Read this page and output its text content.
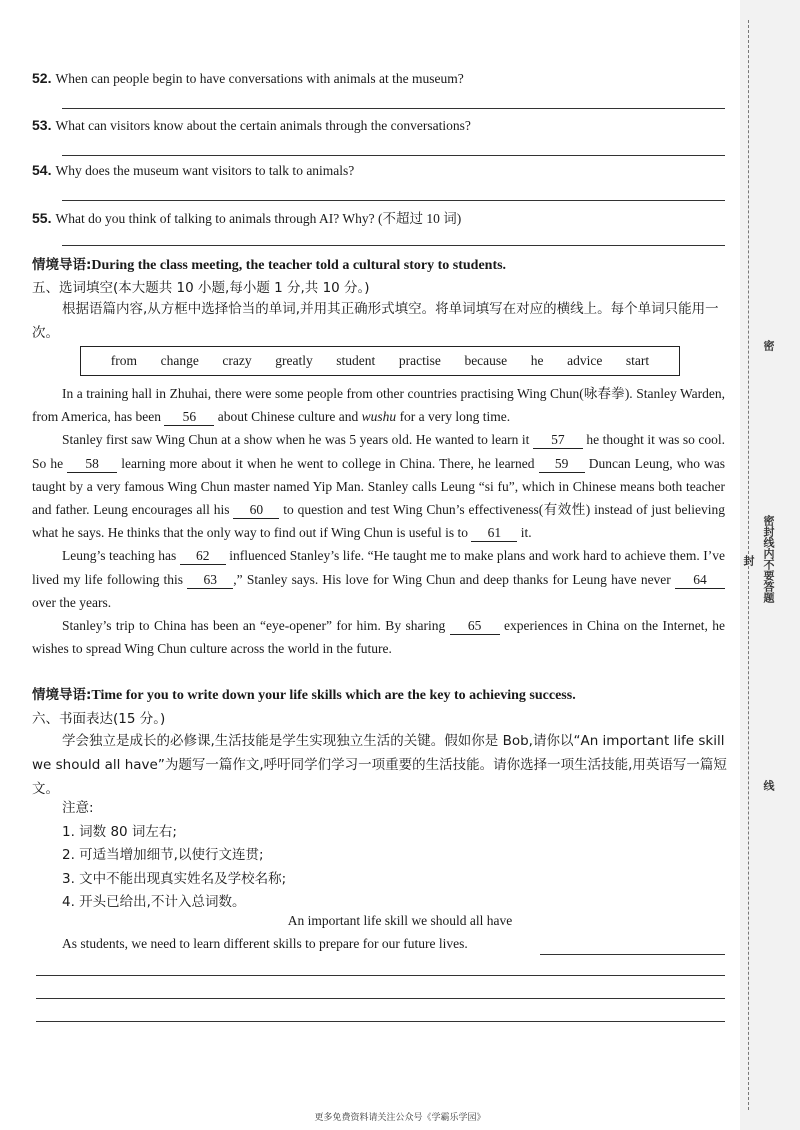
密
密封线内不要答题
封
线
52. When can people begin to have conversations with animals at the museum?
53. What can visitors know about the certain animals through the conversations?
54. Why does the museum want visitors to talk to animals?
55. What do you think of talking to animals through AI? Why? (不超过 10 词)
情境导语:During the class meeting, the teacher told a cultural story to students.
五、选词填空(本大题共 10 小题,每小题 1 分,共 10 分。)
根据语篇内容,从方框中选择恰当的单词,并用其正确形式填空。将单词填写在对应的横线上。每个单词只能用一次。
from change crazy greatly student practise because he advice start

In a training hall in Zhuhai, there were some people from other countries practising Wing Chun(咏春拳). Stanley Warden, from America, has been 56 about Chinese culture and wushu for a very long time.

Stanley first saw Wing Chun at a show when he was 5 years old. He wanted to learn it 57 he thought it was so cool. So he 58 learning more about it when he went to college in China. There, he learned 59 Duncan Leung, who was taught by a very famous Wing Chun master named Yip Man. Stanley calls Leung “si fu”, which in Chinese means both teacher and father. Leung encourages all his 60 to question and test Wing Chun’s effectiveness(有效性) instead of just believing what he says. He thinks that the only way to find out if Wing Chun is useful is to 61 it.

Leung’s teaching has 62 influenced Stanley’s life. “He taught me to make plans and work hard to achieve them. I’ve lived my life following this 63 ,” Stanley says. His love for Wing Chun and deep thanks for Leung have never 64 over the years.

Stanley’s trip to China has been an “eye-opener” for him. By sharing 65 experiences in China on the Internet, he wishes to spread Wing Chun culture across the world in the future.

情境导语:Time for you to write down your life skills which are the key to achieving success.
六、书面表达(15 分。)
学会独立是成长的必修课,生活技能是学生实现独立生活的关键。假如你是 Bob,请你以“An important life skill we should all have”为题写一篇作文,呼吁同学们学习一项重要的生活技能。请你选择一项生活技能,用英语写一篇短文。
注意:
1. 词数 80 词左右;
2. 可适当增加细节,以使行文连贯;
3. 文中不能出现真实姓名及学校名称;
4. 开头已给出,不计入总词数。
An important life skill we should all have
As students, we need to learn different skills to prepare for our future lives.
更多免费资料请关注公众号《学霸乐学园》
